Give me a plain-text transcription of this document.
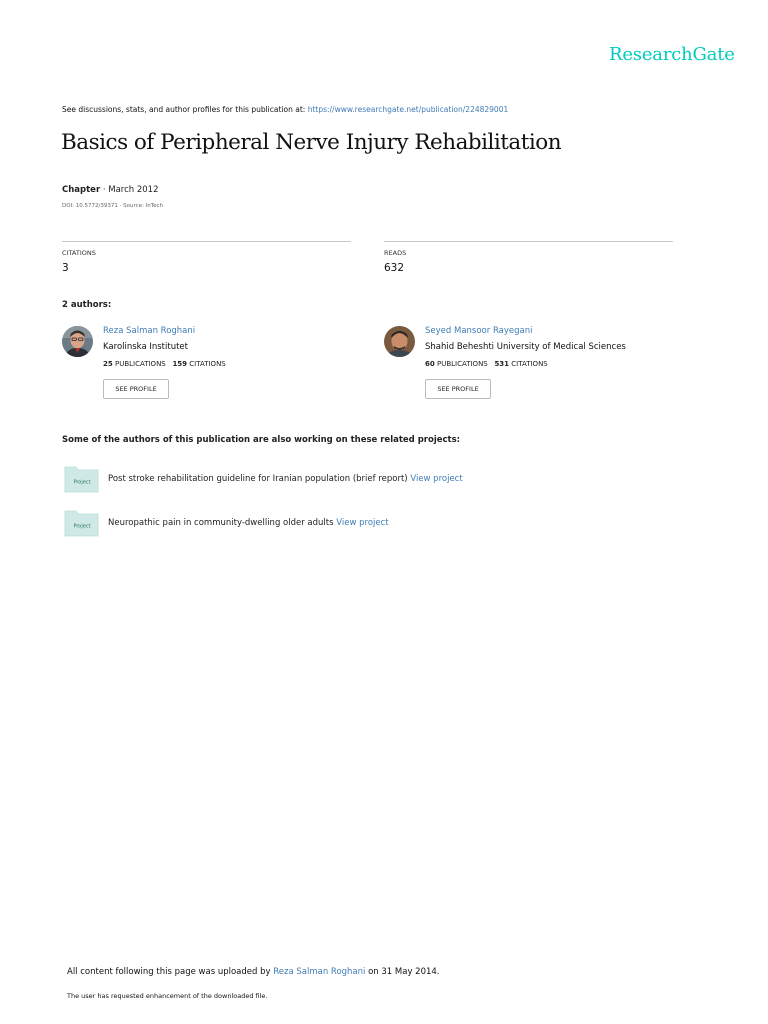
ResearchGate
See discussions, stats, and author profiles for this publication at: https://www.researchgate.net/publication/224829001
Basics of Peripheral Nerve Injury Rehabilitation
Chapter · March 2012
DOI: 10.5772/39371 · Source: InTech
CITATIONS
3
READS
632
2 authors:
Reza Salman Roghani
Karolinska Institutet
25 PUBLICATIONS 159 CITATIONS
SEE PROFILE
Seyed Mansoor Rayegani
Shahid Beheshti University of Medical Sciences
60 PUBLICATIONS 531 CITATIONS
SEE PROFILE
Some of the authors of this publication are also working on these related projects:
Project Post stroke rehabilitation guideline for Iranian population (brief report) View project
Project Neuropathic pain in community-dwelling older adults View project
All content following this page was uploaded by Reza Salman Roghani on 31 May 2014.
The user has requested enhancement of the downloaded file.
